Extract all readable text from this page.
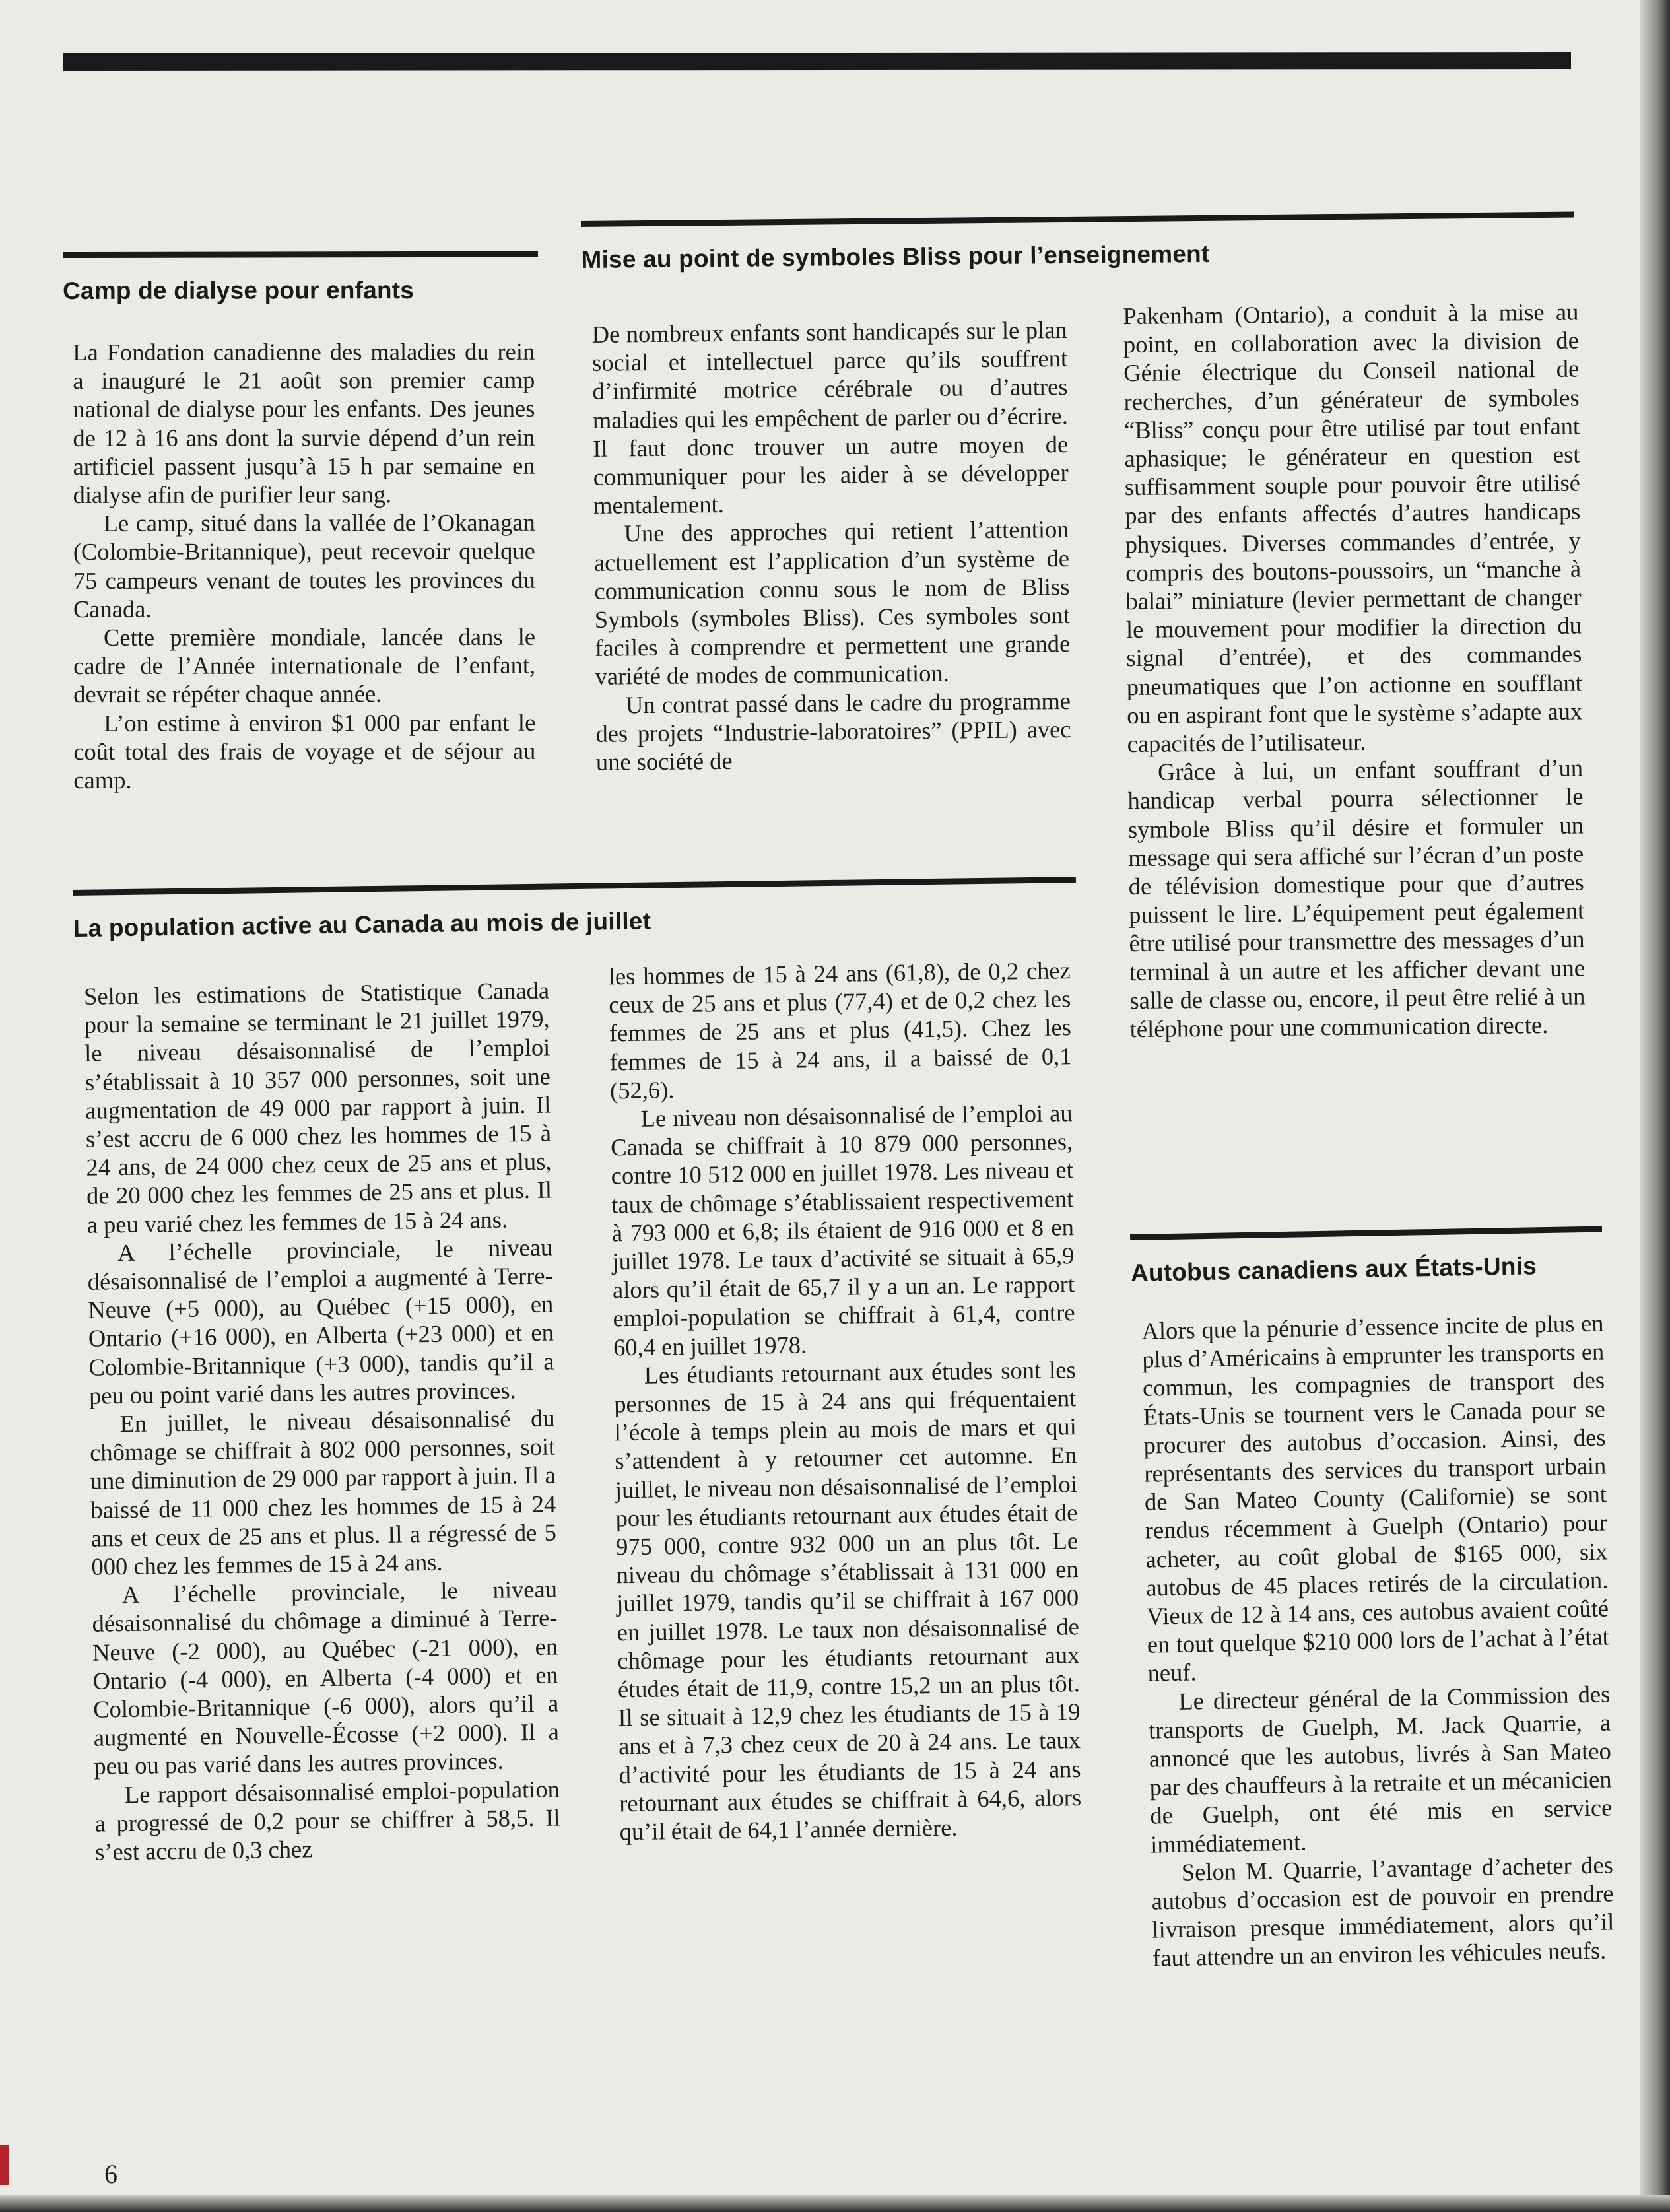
Camp de dialyse pour enfants

La Fondation canadienne des maladies du rein a inauguré le 21 août son premier camp national de dialyse pour les enfants. Des jeunes de 12 à 16 ans dont la survie dépend d’un rein artificiel passent jusqu’à 15 h par semaine en dialyse afin de purifier leur sang.

Le camp, situé dans la vallée de l’Okanagan (Colombie-Britannique), peut recevoir quelque 75 campeurs venant de toutes les provinces du Canada.

Cette première mondiale, lancée dans le cadre de l’Année internationale de l’enfant, devrait se répéter chaque année.

L’on estime à environ $1 000 par enfant le coût total des frais de voyage et de séjour au camp.

Mise au point de symboles Bliss pour l’enseignement

De nombreux enfants sont handicapés sur le plan social et intellectuel parce qu’ils souffrent d’infirmité motrice cérébrale ou d’autres maladies qui les empêchent de parler ou d’écrire. Il faut donc trouver un autre moyen de communiquer pour les aider à se développer mentalement.

Une des approches qui retient l’attention actuellement est l’application d’un système de communication connu sous le nom de Bliss Symbols (symboles Bliss). Ces symboles sont faciles à comprendre et permettent une grande variété de modes de communication.

Un contrat passé dans le cadre du programme des projets “Industrie-laboratoires” (PPIL) avec une société de

Pakenham (Ontario), a conduit à la mise au point, en collaboration avec la division de Génie électrique du Conseil national de recherches, d’un générateur de symboles “Bliss” conçu pour être utilisé par tout enfant aphasique; le générateur en question est suffisamment souple pour pouvoir être utilisé par des enfants affectés d’autres handicaps physiques. Diverses commandes d’entrée, y compris des boutons-poussoirs, un “manche à balai” miniature (levier permettant de changer le mouvement pour modifier la direction du signal d’entrée), et des commandes pneumatiques que l’on actionne en soufflant ou en aspirant font que le système s’adapte aux capacités de l’utilisateur.

Grâce à lui, un enfant souffrant d’un handicap verbal pourra sélectionner le symbole Bliss qu’il désire et formuler un message qui sera affiché sur l’écran d’un poste de télévision domestique pour que d’autres puissent le lire. L’équipement peut également être utilisé pour transmettre des messages d’un terminal à un autre et les afficher devant une salle de classe ou, encore, il peut être relié à un téléphone pour une communication directe.

La population active au Canada au mois de juillet

Selon les estimations de Statistique Canada pour la semaine se terminant le 21 juillet 1979, le niveau désaisonnalisé de l’emploi s’établissait à 10 357 000 personnes, soit une augmentation de 49 000 par rapport à juin. Il s’est accru de 6 000 chez les hommes de 15 à 24 ans, de 24 000 chez ceux de 25 ans et plus, de 20 000 chez les femmes de 25 ans et plus. Il a peu varié chez les femmes de 15 à 24 ans.

A l’échelle provinciale, le niveau désaisonnalisé de l’emploi a augmenté à Terre-Neuve (+5 000), au Québec (+15 000), en Ontario (+16 000), en Alberta (+23 000) et en Colombie-Britannique (+3 000), tandis qu’il a peu ou point varié dans les autres provinces.

En juillet, le niveau désaisonnalisé du chômage se chiffrait à 802 000 personnes, soit une diminution de 29 000 par rapport à juin. Il a baissé de 11 000 chez les hommes de 15 à 24 ans et ceux de 25 ans et plus. Il a régressé de 5 000 chez les femmes de 15 à 24 ans.

A l’échelle provinciale, le niveau désaisonnalisé du chômage a diminué à Terre-Neuve (-2 000), au Québec (-21 000), en Ontario (-4 000), en Alberta (-4 000) et en Colombie-Britannique (-6 000), alors qu’il a augmenté en Nouvelle-Écosse (+2 000). Il a peu ou pas varié dans les autres provinces.

Le rapport désaisonnalisé emploi-population a progressé de 0,2 pour se chiffrer à 58,5. Il s’est accru de 0,3 chez

les hommes de 15 à 24 ans (61,8), de 0,2 chez ceux de 25 ans et plus (77,4) et de 0,2 chez les femmes de 25 ans et plus (41,5). Chez les femmes de 15 à 24 ans, il a baissé de 0,1 (52,6).

Le niveau non désaisonnalisé de l’emploi au Canada se chiffrait à 10 879 000 personnes, contre 10 512 000 en juillet 1978. Les niveau et taux de chômage s’établissaient respectivement à 793 000 et 6,8; ils étaient de 916 000 et 8 en juillet 1978. Le taux d’activité se situait à 65,9 alors qu’il était de 65,7 il y a un an. Le rapport emploi-population se chiffrait à 61,4, contre 60,4 en juillet 1978.

Les étudiants retournant aux études sont les personnes de 15 à 24 ans qui fréquentaient l’école à temps plein au mois de mars et qui s’attendent à y retourner cet automne. En juillet, le niveau non désaisonnalisé de l’emploi pour les étudiants retournant aux études était de 975 000, contre 932 000 un an plus tôt. Le niveau du chômage s’établissait à 131 000 en juillet 1979, tandis qu’il se chiffrait à 167 000 en juillet 1978. Le taux non désaisonnalisé de chômage pour les étudiants retournant aux études était de 11,9, contre 15,2 un an plus tôt. Il se situait à 12,9 chez les étudiants de 15 à 19 ans et à 7,3 chez ceux de 20 à 24 ans. Le taux d’activité pour les étudiants de 15 à 24 ans retournant aux études se chiffrait à 64,6, alors qu’il était de 64,1 l’année dernière.

Autobus canadiens aux États-Unis

Alors que la pénurie d’essence incite de plus en plus d’Américains à emprunter les transports en commun, les compagnies de transport des États-Unis se tournent vers le Canada pour se procurer des autobus d’occasion. Ainsi, des représentants des services du transport urbain de San Mateo County (Californie) se sont rendus récemment à Guelph (Ontario) pour acheter, au coût global de $165 000, six autobus de 45 places retirés de la circulation. Vieux de 12 à 14 ans, ces autobus avaient coûté en tout quelque $210 000 lors de l’achat à l’état neuf.

Le directeur général de la Commission des transports de Guelph, M. Jack Quarrie, a annoncé que les autobus, livrés à San Mateo par des chauffeurs à la retraite et un mécanicien de Guelph, ont été mis en service immédiatement.

Selon M. Quarrie, l’avantage d’acheter des autobus d’occasion est de pouvoir en prendre livraison presque immédiatement, alors qu’il faut attendre un an environ les véhicules neufs.

6
